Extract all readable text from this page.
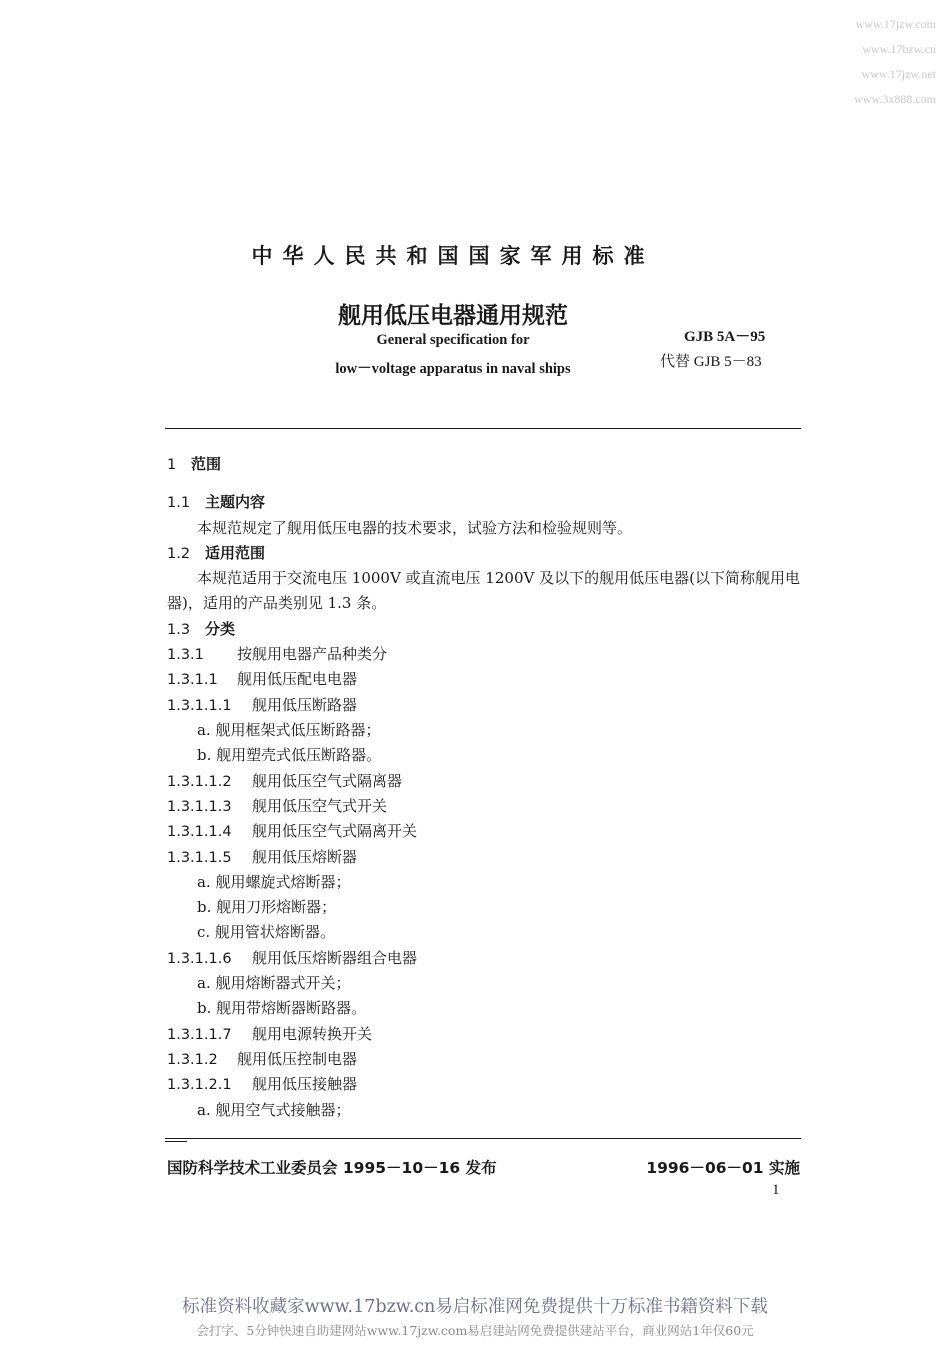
www.17jzw.com
www.17bzw.cn
www.17jzw.net
www.3x888.com
中华人民共和国国家军用标准
舰用低压电器通用规范
General specification for
low－voltage apparatus in naval ships
GJB 5A－95
代替 GJB 5－83
1 范围
1.1 主题内容
本规范规定了舰用低压电器的技术要求，试验方法和检验规则等。
1.2 适用范围
本规范适用于交流电压 1000V 或直流电压 1200V 及以下的舰用低压电器(以下简称舰用电器)，适用的产品类别见 1.3 条。
1.3 分类
1.3.1 按舰用电器产品种类分
1.3.1.1 舰用低压配电电器
1.3.1.1.1 舰用低压断路器
a. 舰用框架式低压断路器；
b. 舰用塑壳式低压断路器。
1.3.1.1.2 舰用低压空气式隔离器
1.3.1.1.3 舰用低压空气式开关
1.3.1.1.4 舰用低压空气式隔离开关
1.3.1.1.5 舰用低压熔断器
a. 舰用螺旋式熔断器；
b. 舰用刀形熔断器；
c. 舰用管状熔断器。
1.3.1.1.6 舰用低压熔断器组合电器
a. 舰用熔断器式开关；
b. 舰用带熔断器断路器。
1.3.1.1.7 舰用电源转换开关
1.3.1.2 舰用低压控制电器
1.3.1.2.1 舰用低压接触器
a. 舰用空气式接触器；
国防科学技术工业委员会 1995－10－16 发布	1996－06－01 实施
1
标准资料收藏家www.17bzw.cn易启标准网免费提供十万标准书籍资料下载
会打字、5分钟快速自助建网站www.17jzw.com易启建站网免费提供建站平台，商业网站1年仅60元
